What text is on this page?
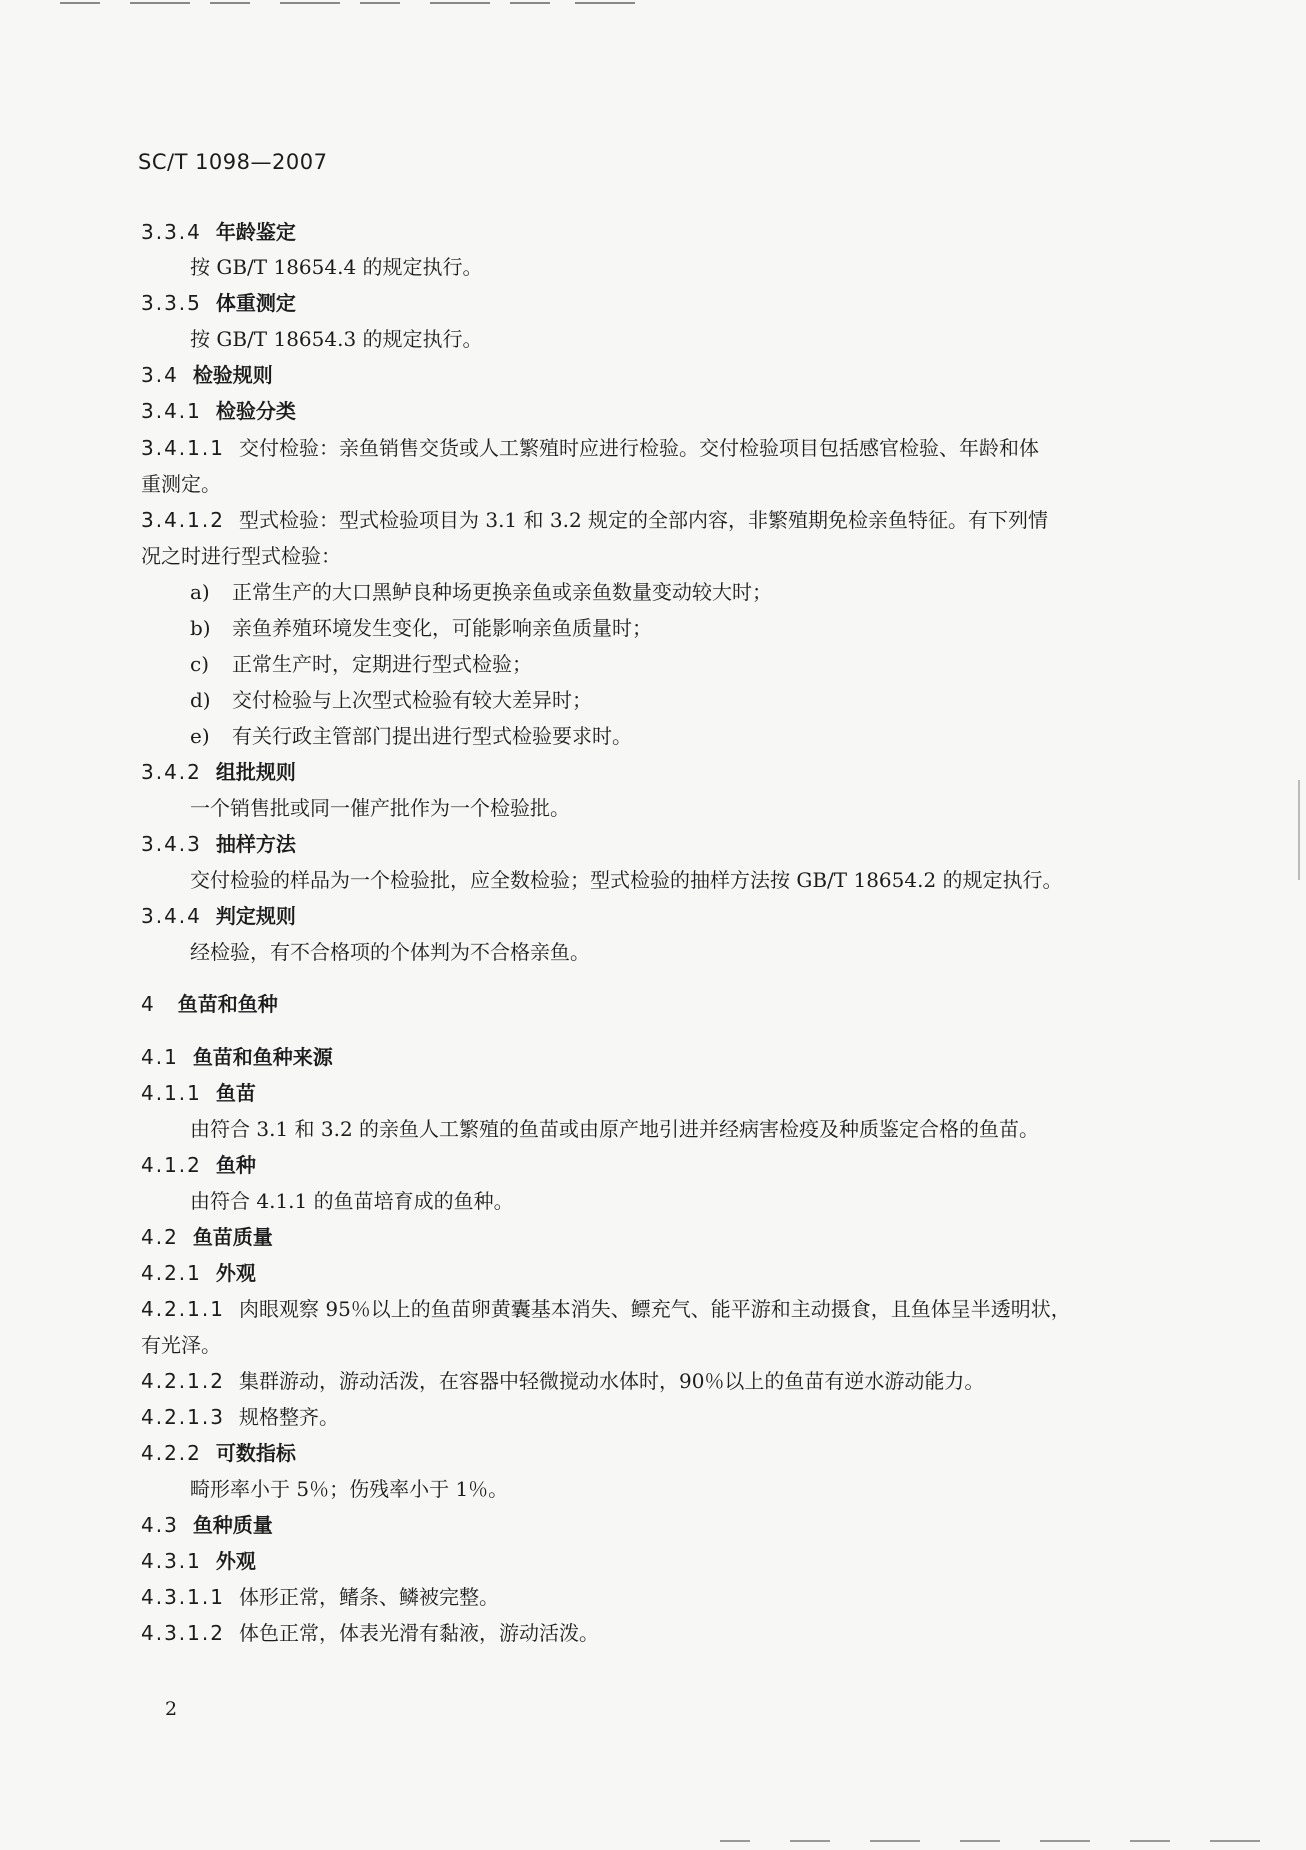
SC/T 1098—2007
3.3.4 年龄鉴定
按 GB/T 18654.4 的规定执行。
3.3.5 体重测定
按 GB/T 18654.3 的规定执行。
3.4 检验规则
3.4.1 检验分类
3.4.1.1 交付检验：亲鱼销售交货或人工繁殖时应进行检验。交付检验项目包括感官检验、年龄和体
重测定。
3.4.1.2 型式检验：型式检验项目为 3.1 和 3.2 规定的全部内容，非繁殖期免检亲鱼特征。有下列情
况之时进行型式检验：
a) 正常生产的大口黑鲈良种场更换亲鱼或亲鱼数量变动较大时；
b) 亲鱼养殖环境发生变化，可能影响亲鱼质量时；
c) 正常生产时，定期进行型式检验；
d) 交付检验与上次型式检验有较大差异时；
e) 有关行政主管部门提出进行型式检验要求时。
3.4.2 组批规则
一个销售批或同一催产批作为一个检验批。
3.4.3 抽样方法
交付检验的样品为一个检验批，应全数检验；型式检验的抽样方法按 GB/T 18654.2 的规定执行。
3.4.4 判定规则
经检验，有不合格项的个体判为不合格亲鱼。
4 鱼苗和鱼种
4.1 鱼苗和鱼种来源
4.1.1 鱼苗
由符合 3.1 和 3.2 的亲鱼人工繁殖的鱼苗或由原产地引进并经病害检疫及种质鉴定合格的鱼苗。
4.1.2 鱼种
由符合 4.1.1 的鱼苗培育成的鱼种。
4.2 鱼苗质量
4.2.1 外观
4.2.1.1 肉眼观察 95％以上的鱼苗卵黄囊基本消失、鳔充气、能平游和主动摄食，且鱼体呈半透明状，
有光泽。
4.2.1.2 集群游动，游动活泼，在容器中轻微搅动水体时，90％以上的鱼苗有逆水游动能力。
4.2.1.3 规格整齐。
4.2.2 可数指标
畸形率小于 5％；伤残率小于 1％。
4.3 鱼种质量
4.3.1 外观
4.3.1.1 体形正常，鳍条、鳞被完整。
4.3.1.2 体色正常，体表光滑有黏液，游动活泼。
2
